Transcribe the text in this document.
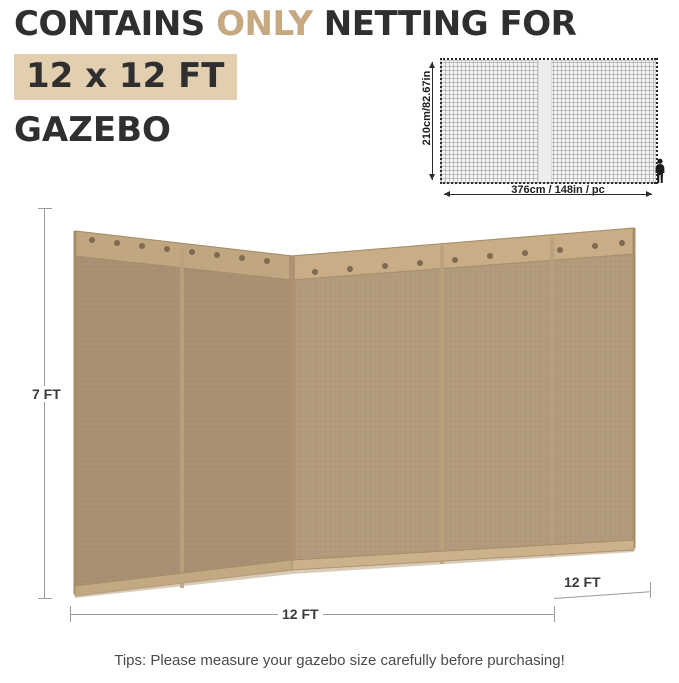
CONTAINS ONLY NETTING FOR
12 x 12 FT
GAZEBO
376cm / 148in / pc
210cm/82.67in
7 FT
12 FT
12 FT
Tips: Please measure your gazebo size carefully before purchasing!
